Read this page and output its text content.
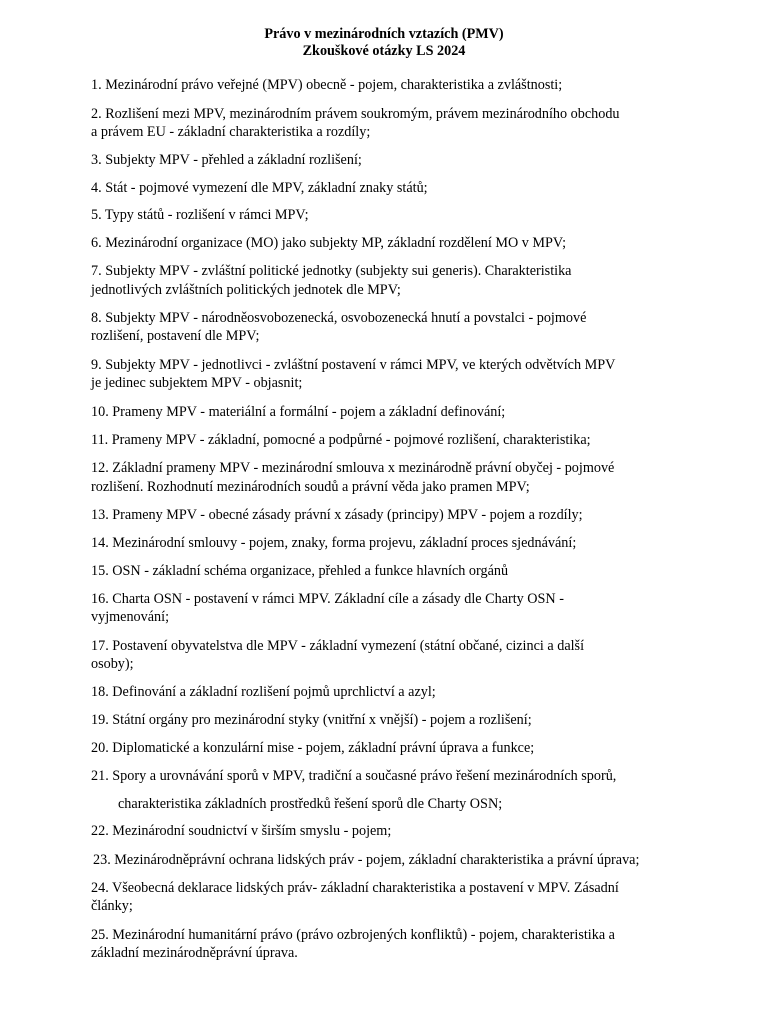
Právo v mezinárodních vztazích (PMV)
Zkouškové otázky LS 2024
1. Mezinárodní právo veřejné (MPV) obecně - pojem, charakteristika a zvláštnosti;
2. Rozlišení mezi MPV, mezinárodním právem soukromým, právem mezinárodního obchodu
a právem EU - základní charakteristika a rozdíly;
3. Subjekty MPV - přehled a základní rozlišení;
4. Stát - pojmové vymezení dle MPV, základní znaky států;
5. Typy států - rozlišení v rámci MPV;
6. Mezinárodní organizace (MO) jako subjekty MP, základní rozdělení MO v MPV;
7. Subjekty MPV - zvláštní politické jednotky (subjekty sui generis). Charakteristika
jednotlivých zvláštních politických jednotek dle MPV;
8. Subjekty MPV - národněosvobozenecká, osvobozenecká hnutí a povstalci - pojmové
rozlišení, postavení dle MPV;
9. Subjekty MPV - jednotlivci - zvláštní postavení v rámci MPV, ve kterých odvětvích MPV
je jedinec subjektem MPV - objasnit;
10. Prameny MPV - materiální a formální - pojem a základní definování;
11. Prameny MPV - základní, pomocné a podpůrné - pojmové rozlišení, charakteristika;
12. Základní prameny MPV - mezinárodní smlouva x mezinárodně právní obyčej - pojmové
rozlišení. Rozhodnutí mezinárodních soudů a právní věda jako pramen MPV;
13. Prameny MPV - obecné zásady právní x zásady (principy) MPV - pojem a rozdíly;
14. Mezinárodní smlouvy - pojem, znaky, forma projevu, základní proces sjednávání;
15. OSN - základní schéma organizace, přehled a funkce hlavních orgánů
16. Charta OSN - postavení v rámci MPV. Základní cíle a zásady dle Charty OSN -
vyjmenování;
17. Postavení obyvatelstva dle MPV - základní vymezení (státní občané, cizinci a další
osoby);
18. Definování a základní rozlišení pojmů uprchlictví a azyl;
19. Státní orgány pro mezinárodní styky (vnitřní x vnější) - pojem a rozlišení;
20. Diplomatické a konzulární mise - pojem, základní právní úprava a funkce;
21. Spory a urovnávání sporů v MPV, tradiční a současné právo řešení mezinárodních sporů,
charakteristika základních prostředků řešení sporů dle Charty OSN;
22. Mezinárodní soudnictví v širším smyslu - pojem;
23. Mezinárodněprávní ochrana lidských práv - pojem, základní charakteristika a právní úprava;
24. Všeobecná deklarace lidských práv- základní charakteristika a postavení v MPV. Zásadní
články;
25. Mezinárodní humanitární právo (právo ozbrojených konfliktů) - pojem, charakteristika a
základní mezinárodněprávní úprava.
